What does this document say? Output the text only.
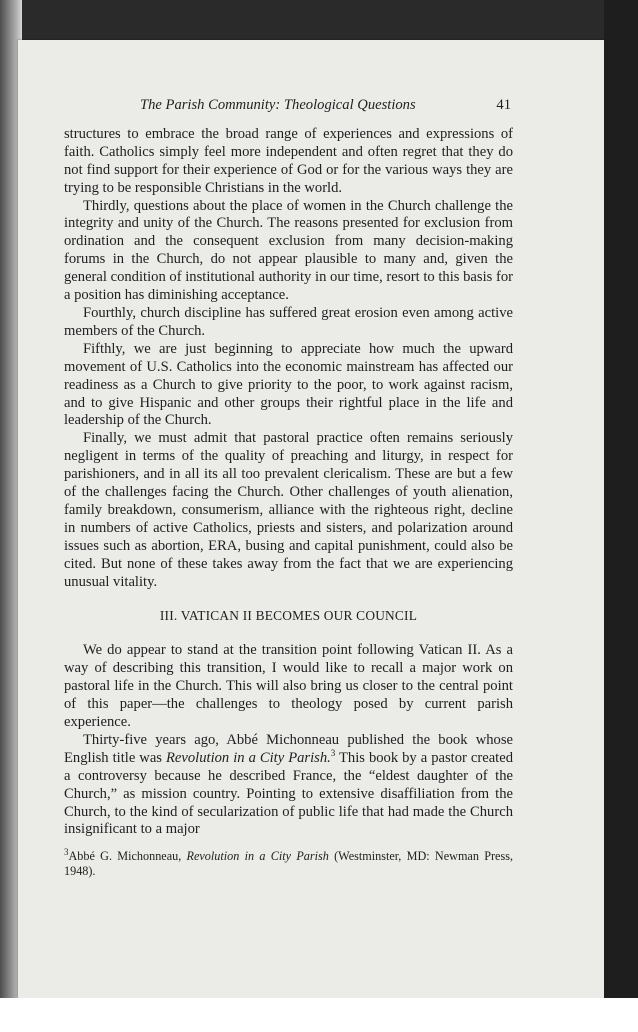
The Parish Community: Theological Questions	41

structures to embrace the broad range of experiences and expressions of faith. Catholics simply feel more independent and often regret that they do not find support for their experience of God or for the various ways they are trying to be responsible Christians in the world.

Thirdly, questions about the place of women in the Church challenge the integrity and unity of the Church. The reasons presented for exclusion from ordination and the consequent exclusion from many decision-making forums in the Church, do not appear plausible to many and, given the general condition of institutional authority in our time, resort to this basis for a position has diminishing acceptance.

Fourthly, church discipline has suffered great erosion even among active members of the Church.

Fifthly, we are just beginning to appreciate how much the upward movement of U.S. Catholics into the economic mainstream has affected our readiness as a Church to give priority to the poor, to work against racism, and to give Hispanic and other groups their rightful place in the life and leadership of the Church.

Finally, we must admit that pastoral practice often remains seriously negligent in terms of the quality of preaching and liturgy, in respect for parishioners, and in all its all too prevalent clericalism. These are but a few of the challenges facing the Church. Other challenges of youth alienation, family breakdown, consumerism, alliance with the righteous right, decline in numbers of active Catholics, priests and sisters, and polarization around issues such as abortion, ERA, busing and capital punishment, could also be cited. But none of these takes away from the fact that we are experiencing unusual vitality.

III. VATICAN II BECOMES OUR COUNCIL

We do appear to stand at the transition point following Vatican II. As a way of describing this transition, I would like to recall a major work on pastoral life in the Church. This will also bring us closer to the central point of this paper—the challenges to theology posed by current parish experience.

Thirty-five years ago, Abbé Michonneau published the book whose English title was Revolution in a City Parish.$^3$ This book by a pastor created a controversy because he described France, the “eldest daughter of the Church,” as mission country. Pointing to extensive disaffiliation from the Church, to the kind of secularization of public life that had made the Church insignificant to a major

$^3$Abbé G. Michonneau, Revolution in a City Parish (Westminster, MD: Newman Press, 1948).
